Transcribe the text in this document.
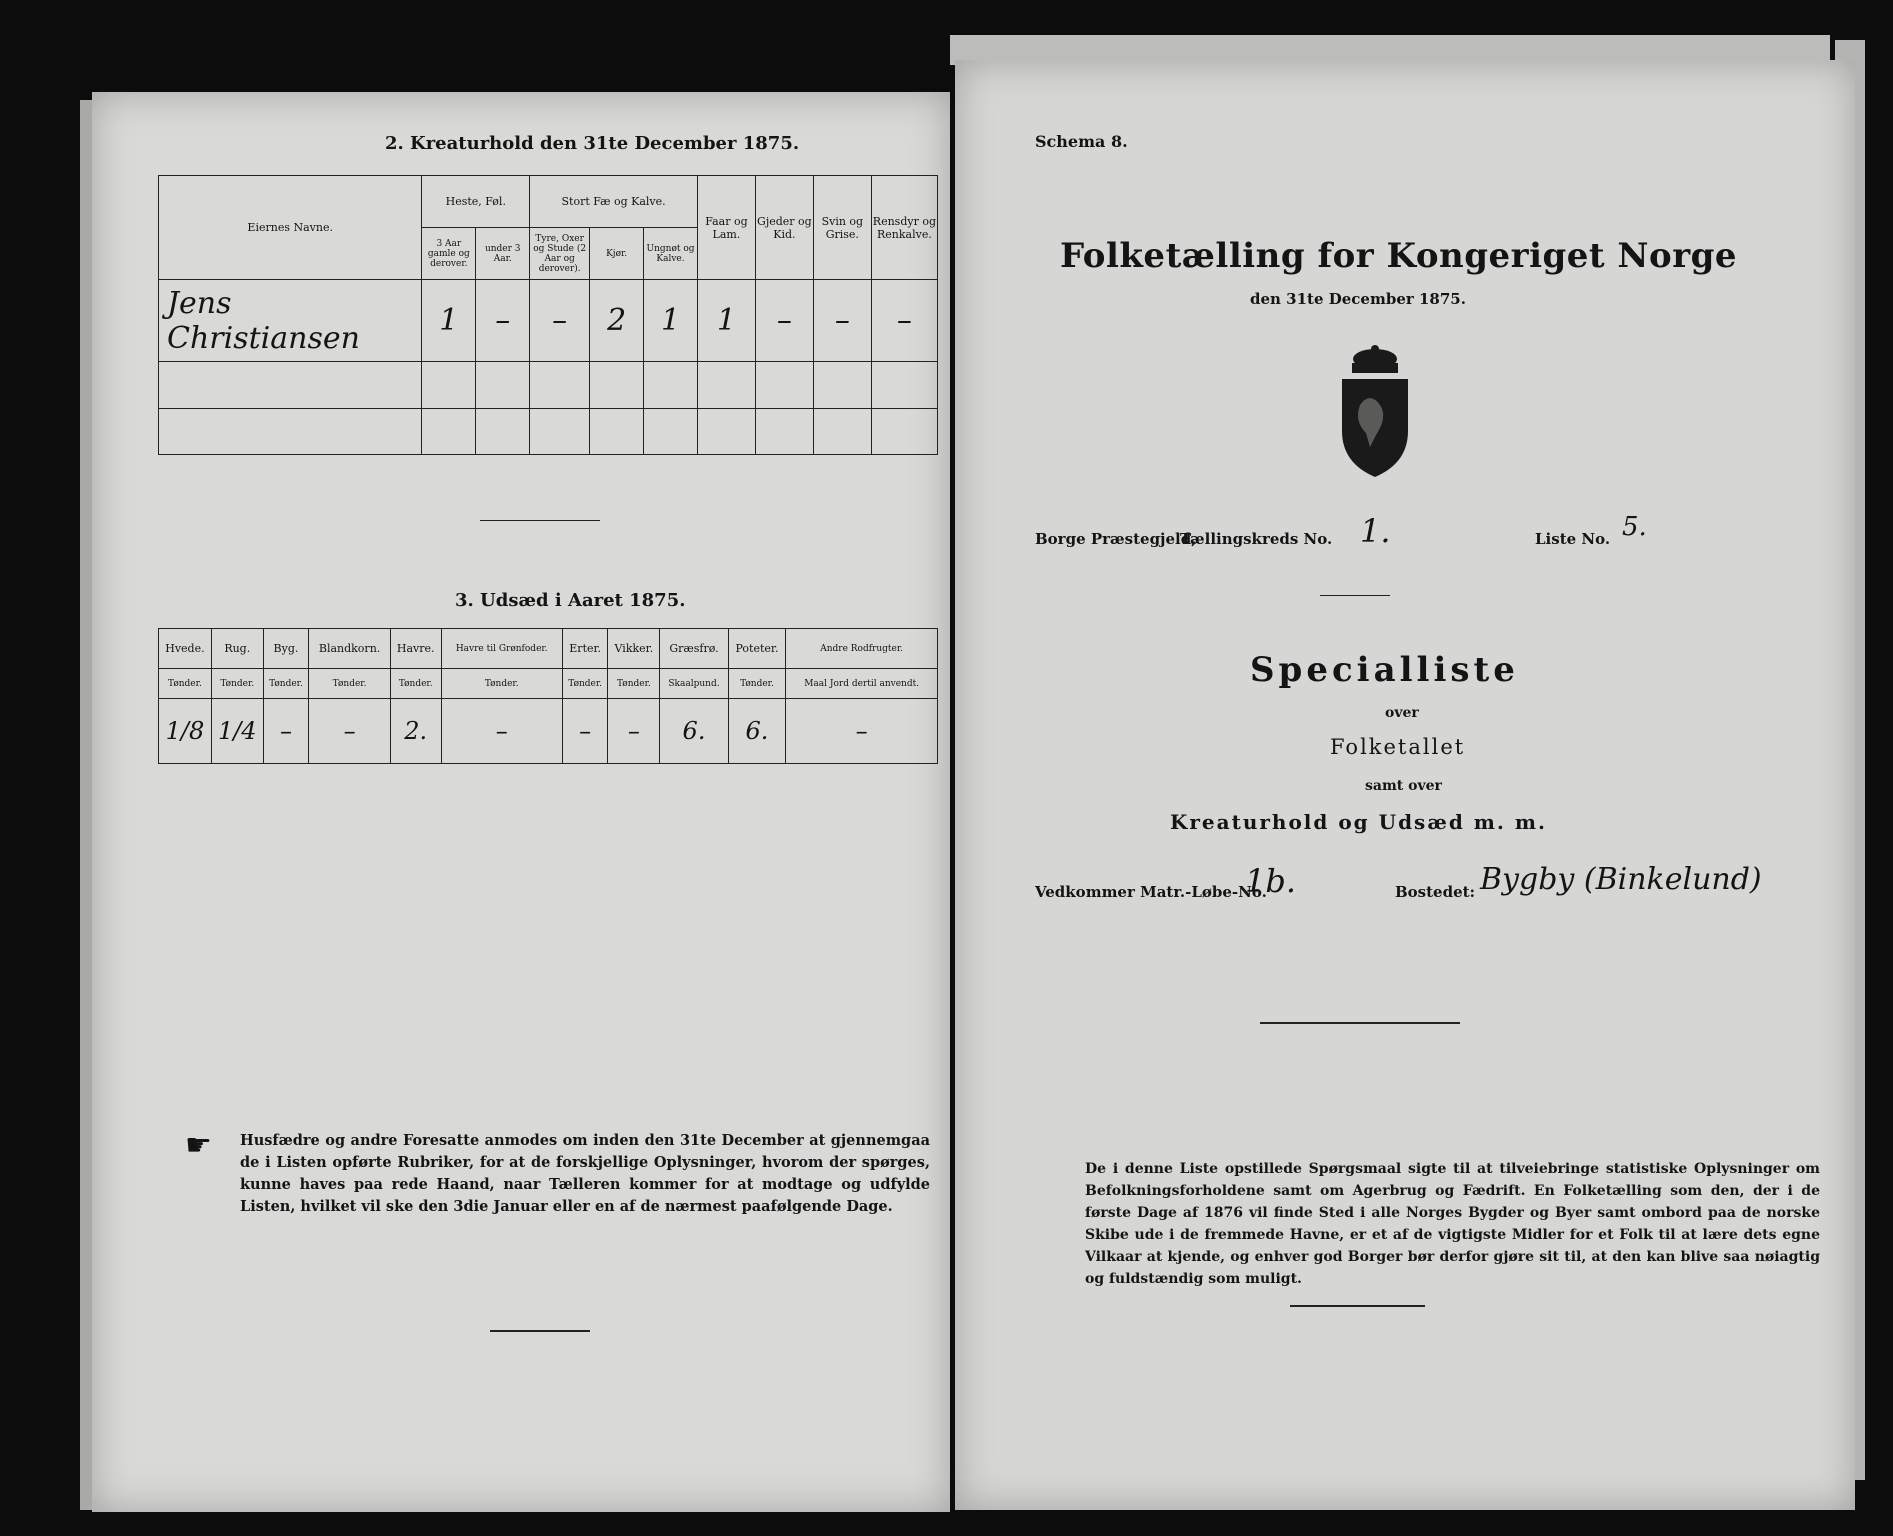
2. Kreaturhold den 31te December 1875.
Eiernes Navne.	Heste, Føl.		Stort Fæ og Kalve.			Faar og Lam.	Gjeder og Kid.	Svin og Grise.	Rensdyr og Renkalve.
	3 Aar gamle og derover.	under 3 Aar.	Tyre, Oxer og Stude (2 Aar og derover).	Kjør.	Ungnøt og Kalve.				
Jens Christiansen	1	–	–	2	1	1	–	–	–

3. Udsæd i Aaret 1875.
Hvede.	Rug.	Byg.	Blandkorn.	Havre.	Havre til Grønfoder.	Erter.	Vikker.	Græsfrø.	Poteter.	Andre Rodfrugter.
Tønder.	Tønder.	Tønder.	Tønder.	Tønder.	Tønder.	Tønder.	Tønder.	Skaalpund.	Tønder.	Maal Jord dertil anvendt.
1/8	1/4	–	–	2.	–	–	–	6.	6.	–
☛ Husfædre og andre Foresatte anmodes om inden den 31te December at gjennemgaa de i Listen opførte Rubriker, for at de forskjellige Oplysninger, hvorom der spørges, kunne haves paa rede Haand, naar Tælleren kommer for at modtage og udfylde Listen, hvilket vil ske den 3die Januar eller en af de nærmest paafølgende Dage.
Schema 8.
Folketælling for Kongeriget Norge
den 31te December 1875.
Borge Præstegjeld,
Tællingskreds No. 1.	Liste No. 5.
Specialliste
over
Folketallet
samt over
Kreaturhold og Udsæd m. m.
Vedkommer Matr.-Løbe-No.
1b.	Bostedet: Bygby (Binkelund)
De i denne Liste opstillede Spørgsmaal sigte til at tilveiebringe statistiske Oplysninger om Befolkningsforholdene samt om Agerbrug og Fædrift. En Folketælling som den, der i de første Dage af 1876 vil finde Sted i alle Norges Bygder og Byer samt ombord paa de norske Skibe ude i de fremmede Havne, er et af de vigtigste Midler for et Folk til at lære dets egne Vilkaar at kjende, og enhver god Borger bør derfor gjøre sit til, at den kan blive saa nøiagtig og fuldstændig som muligt.
